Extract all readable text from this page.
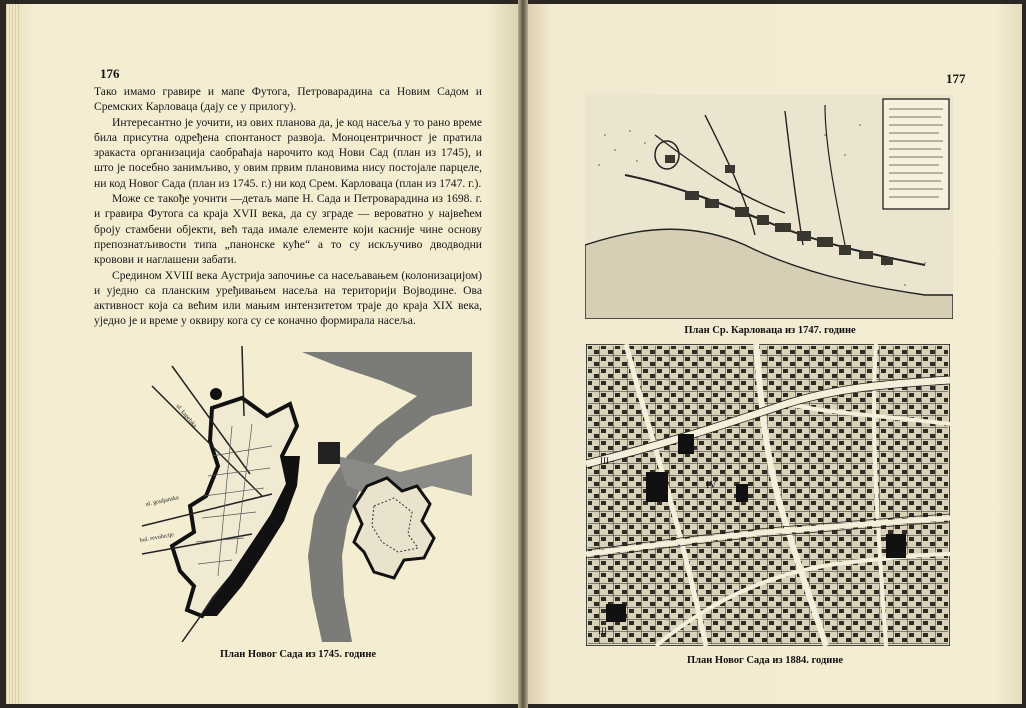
176

Тако имамо гравире и мапе Футога, Петроварадина са Новим Садом и Сремских Карловаца (дају се у прилогу).

Интересантно је уочити, из ових планова да, је код насеља у то рано време била присутна одређена спонтаност развоја. Моноцентричност је пратила зракаста организација саобраћаја нарочито код Нови Сад (план из 1745), и што је посебно занимљиво, у овим првим плановима нису постојале парцеле, ни код Новог Сада (план из 1745. г.) ни код Срем. Карловаца (план из 1747. г.).

Може се такође уочити —детаљ мапе Н. Сада и Петроварадина из 1698. г. и гравира Футога са краја XVII века, да су зграде — вероватно у највећем броју стамбени објекти, већ тада имале елементе који касније чине основу препознатљивости типа „панонске куће“ а то су искључиво дводводни кровови и наглашени забати.

Средином XVIII века Аустрија започиње са насељавањем (колонизацијом) и уједно са планским уређивањем насеља на територији Војводине. Ова активност која са већим или мањим интензитетом траје до краја XIX века, уједно је и време у оквиру кога су се коначно формирала насеља.

ul. gradjanska
ul. kapelska
bul. revolucije
План Новог Сада из 1745. године
177
План Ср. Карловаца из 1747. године
IV
III
III
План Новог Сада из 1884. године
